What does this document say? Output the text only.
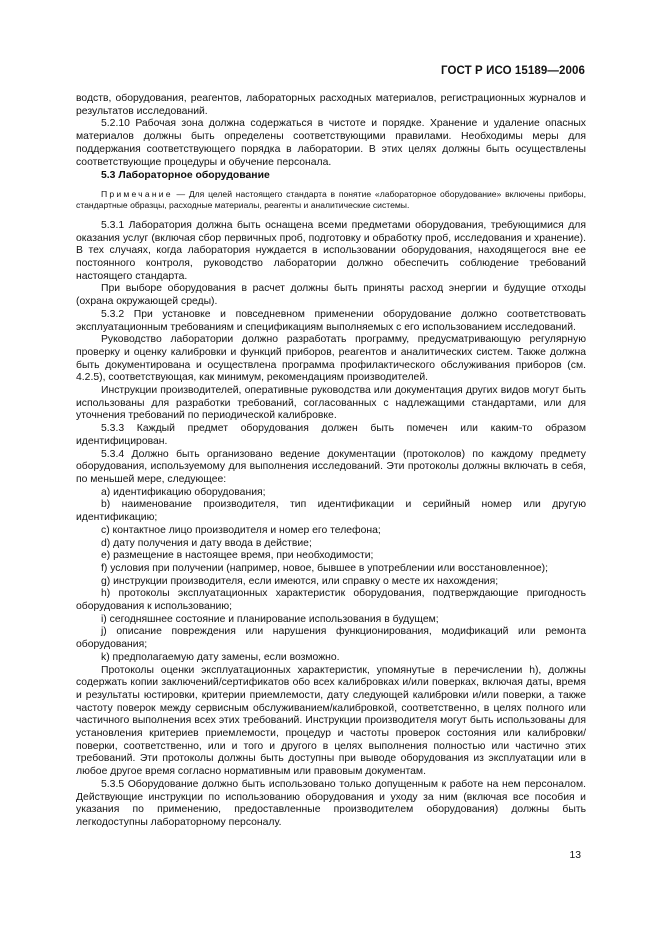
ГОСТ Р ИСО 15189—2006

водств, оборудования, реагентов, лабораторных расходных материалов, регистрационных журналов и результатов исследований.

5.2.10 Рабочая зона должна содержаться в чистоте и порядке. Хранение и удаление опасных материалов должны быть определены соответствующими правилами. Необходимы меры для поддержания соответствующего порядка в лаборатории. В этих целях должны быть осуществлены соответствующие процедуры и обучение персонала.

5.3 Лабораторное оборудование

Примечание — Для целей настоящего стандарта в понятие «лабораторное оборудование» включены приборы, стандартные образцы, расходные материалы, реагенты и аналитические системы.

5.3.1 Лаборатория должна быть оснащена всеми предметами оборудования, требующимися для оказания услуг (включая сбор первичных проб, подготовку и обработку проб, исследования и хранение). В тех случаях, когда лаборатория нуждается в использовании оборудования, находящегося вне ее постоянного контроля, руководство лаборатории должно обеспечить соблюдение требований настоящего стандарта.

При выборе оборудования в расчет должны быть приняты расход энергии и будущие отходы (охрана окружающей среды).

5.3.2 При установке и повседневном применении оборудование должно соответствовать эксплуатационным требованиям и спецификациям выполняемых с его использованием исследований.

Руководство лаборатории должно разработать программу, предусматривающую регулярную проверку и оценку калибровки и функций приборов, реагентов и аналитических систем. Также должна быть документирована и осуществлена программа профилактического обслуживания приборов (см. 4.2.5), соответствующая, как минимум, рекомендациям производителей.

Инструкции производителей, оперативные руководства или документация других видов могут быть использованы для разработки требований, согласованных с надлежащими стандартами, или для уточнения требований по периодической калибровке.

5.3.3 Каждый предмет оборудования должен быть помечен или каким-то образом идентифицирован.

5.3.4 Должно быть организовано ведение документации (протоколов) по каждому предмету оборудования, используемому для выполнения исследований. Эти протоколы должны включать в себя, по меньшей мере, следующее:

a) идентификацию оборудования;

b) наименование производителя, тип идентификации и серийный номер или другую идентификацию;

c) контактное лицо производителя и номер его телефона;

d) дату получения и дату ввода в действие;

e) размещение в настоящее время, при необходимости;

f) условия при получении (например, новое, бывшее в употреблении или восстановленное);

g) инструкции производителя, если имеются, или справку о месте их нахождения;

h) протоколы эксплуатационных характеристик оборудования, подтверждающие пригодность оборудования к использованию;

i) сегодняшнее состояние и планирование использования в будущем;

j) описание повреждения или нарушения функционирования, модификаций или ремонта оборудования;

k) предполагаемую дату замены, если возможно.

Протоколы оценки эксплуатационных характеристик, упомянутые в перечислении h), должны содержать копии заключений/сертификатов обо всех калибровках и/или поверках, включая даты, время и результаты юстировки, критерии приемлемости, дату следующей калибровки и/или поверки, а также частоту поверок между сервисным обслуживанием/калибровкой, соответственно, в целях полного или частичного выполнения всех этих требований. Инструкции производителя могут быть использованы для установления критериев приемлемости, процедур и частоты проверок состояния или калибровки/поверки, соответственно, или и того и другого в целях выполнения полностью или частично этих требований. Эти протоколы должны быть доступны при выводе оборудования из эксплуатации или в любое другое время согласно нормативным или правовым документам.

5.3.5 Оборудование должно быть использовано только допущенным к работе на нем персоналом. Действующие инструкции по использованию оборудования и уходу за ним (включая все пособия и указания по применению, предоставленные производителем оборудования) должны быть легкодоступны лабораторному персоналу.

13
